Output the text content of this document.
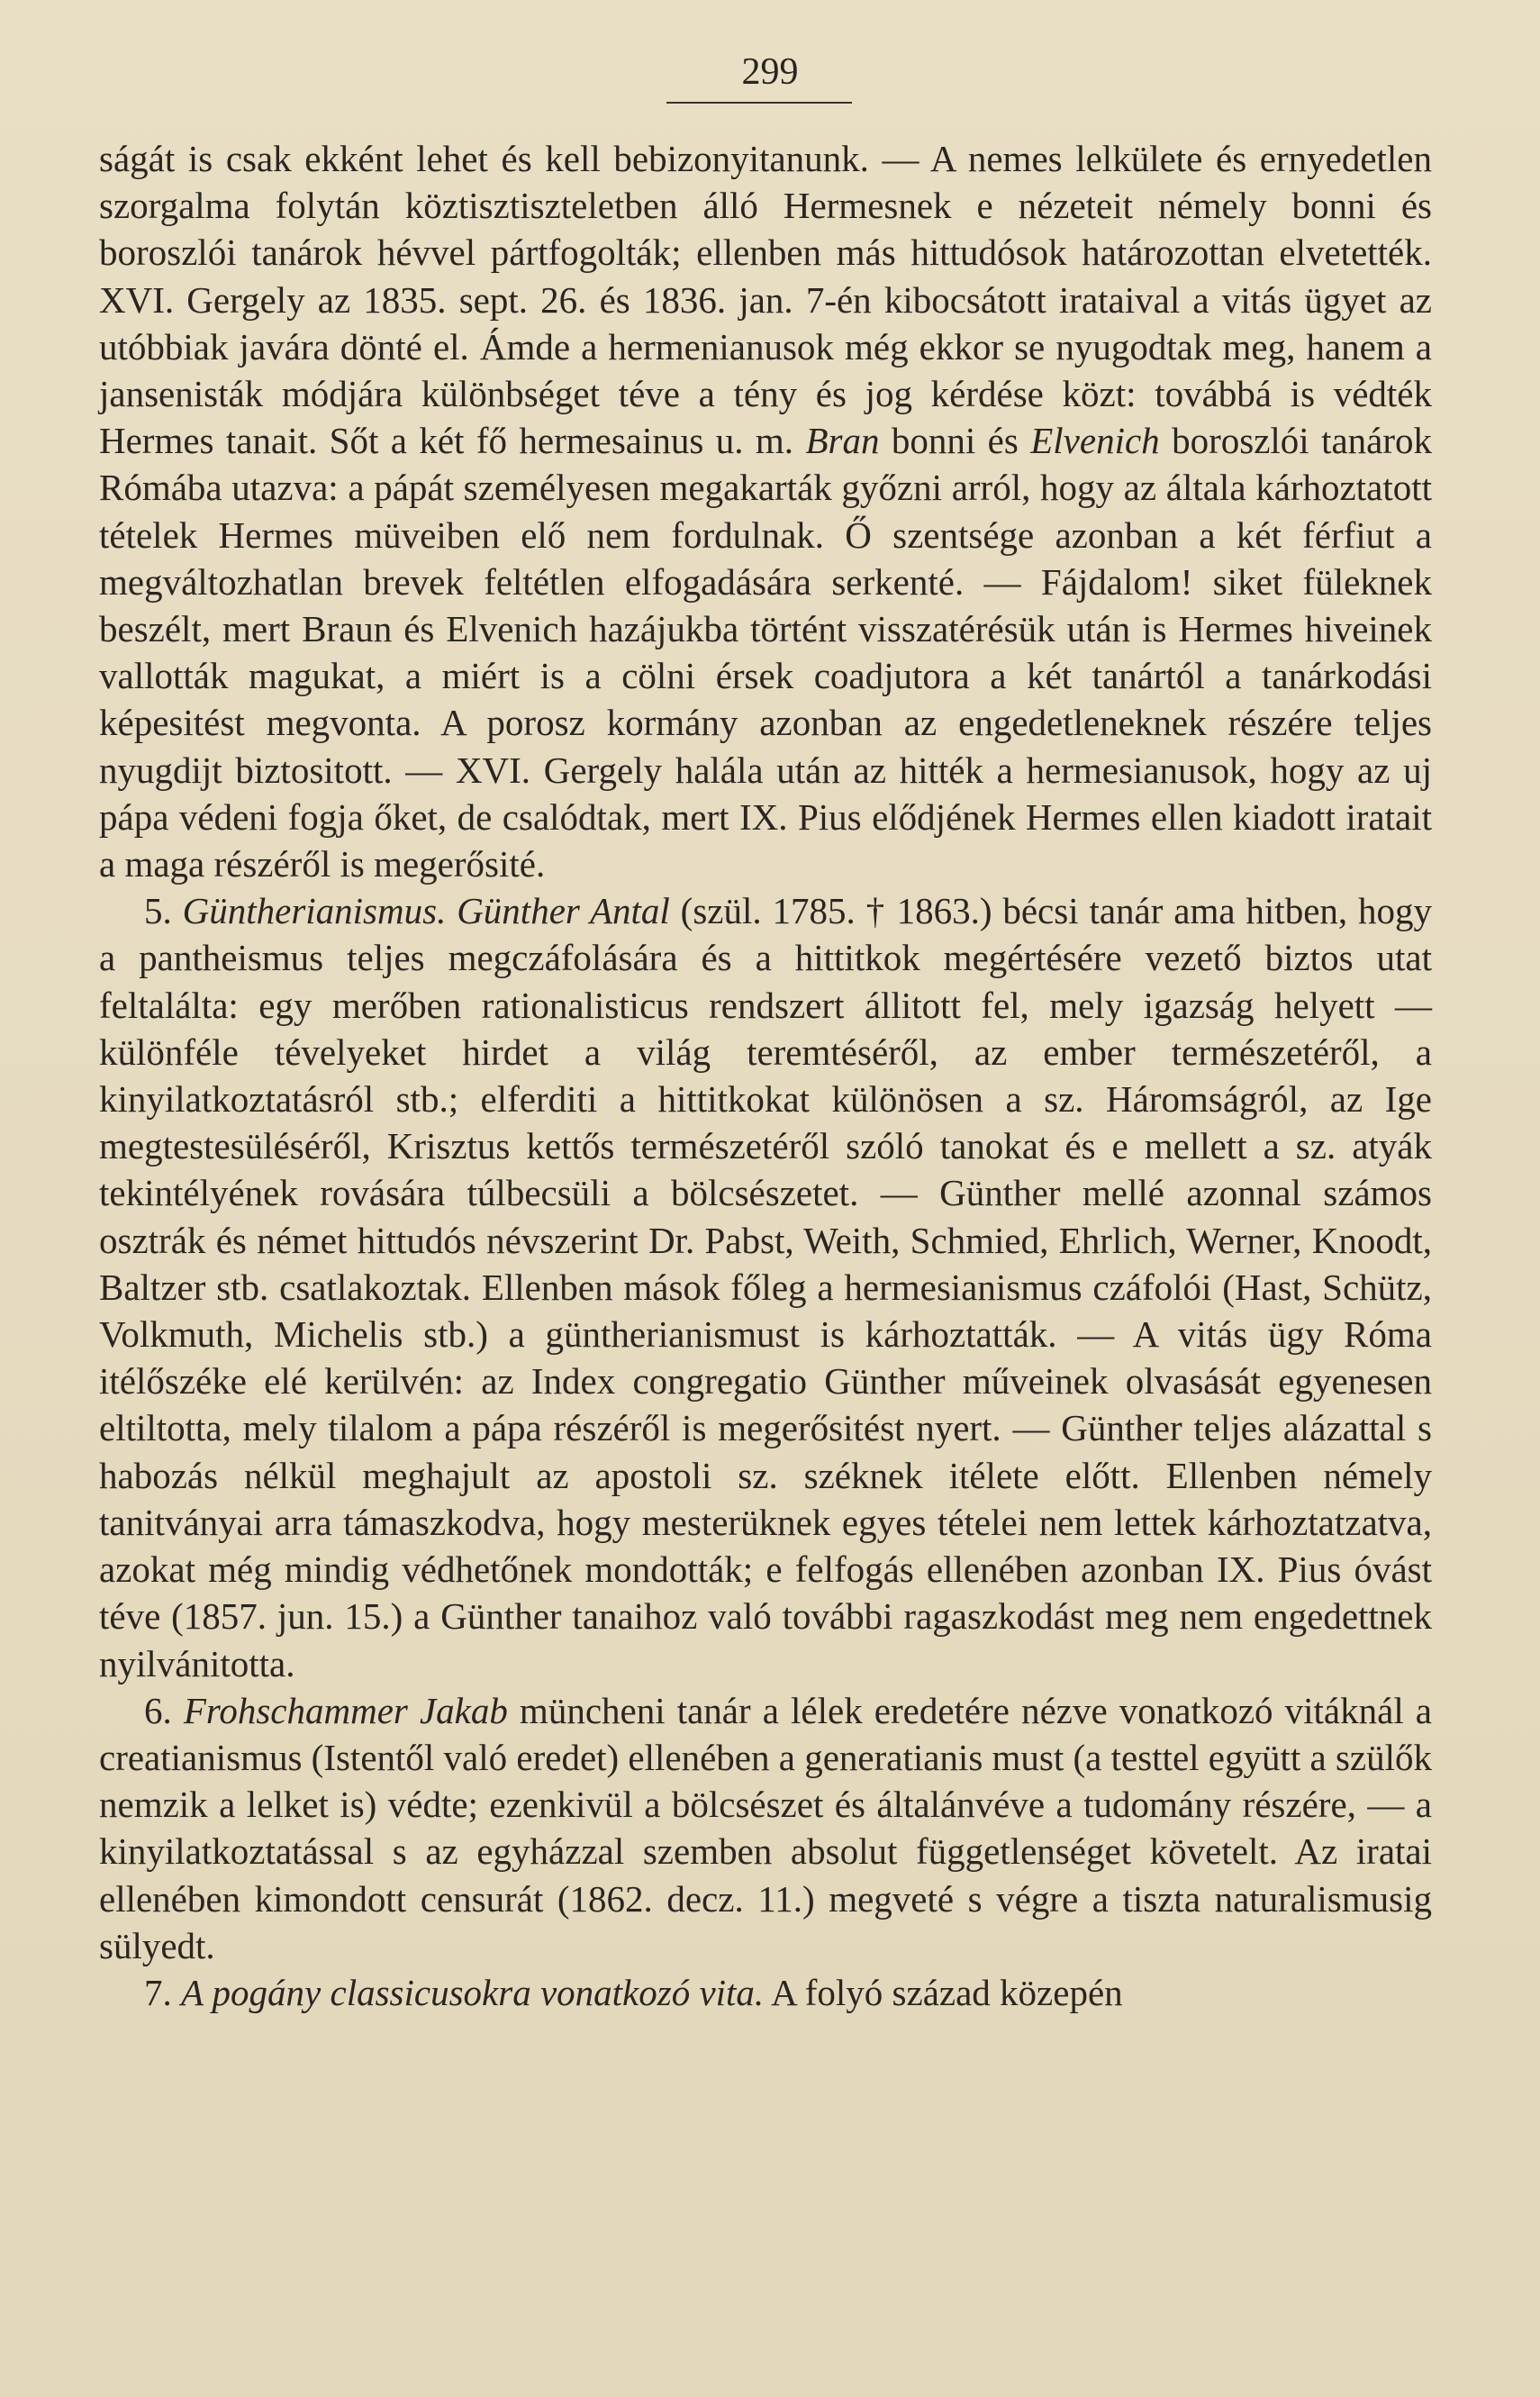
299

ságát is csak ekként lehet és kell bebizonyitanunk. — A nemes lelkülete és ernyedetlen szorgalma folytán köztisztiszteletben álló Hermesnek e nézeteit némely bonni és boroszlói tanárok hévvel pártfogolták; ellenben más hittudósok határozottan elvetették. XVI. Gergely az 1835. sept. 26. és 1836. jan. 7-én kibocsátott irataival a vitás ügyet az utóbbiak javára dönté el. Ámde a hermenianusok még ekkor se nyugodtak meg, hanem a jansenisták módjára különbséget téve a tény és jog kérdése közt: továbbá is védték Hermes tanait. Sőt a két fő hermesainus u. m. Bran bonni és Elvenich boroszlói tanárok Rómába utazva: a pápát személyesen megakarták győzni arról, hogy az általa kárhoztatott tételek Hermes müveiben elő nem fordulnak. Ő szentsége azonban a két férfiut a megváltozhatlan brevek feltétlen elfogadására serkenté. — Fájdalom! siket füleknek beszélt, mert Braun és Elvenich hazájukba történt visszatérésük után is Hermes hiveinek vallották magukat, a miért is a cölni érsek coadjutora a két tanártól a tanárkodási képesitést megvonta. A porosz kormány azonban az engedetleneknek részére teljes nyugdijt biztositott. — XVI. Gergely halála után az hitték a hermesianusok, hogy az uj pápa védeni fogja őket, de csalódtak, mert IX. Pius elődjének Hermes ellen kiadott iratait a maga részéről is megerősité.

5. Güntherianismus. Günther Antal (szül. 1785. † 1863.) bécsi tanár ama hitben, hogy a pantheismus teljes megczáfolására és a hittitkok megértésére vezető biztos utat feltalálta: egy merőben rationalisticus rendszert állitott fel, mely igazság helyett — különféle tévelyeket hirdet a világ teremtéséről, az ember természetéről, a kinyilatkoztatásról stb.; elferditi a hittitkokat különösen a sz. Háromságról, az Ige megtestesüléséről, Krisztus kettős természetéről szóló tanokat és e mellett a sz. atyák tekintélyének rovására túlbecsüli a bölcsészetet. — Günther mellé azonnal számos osztrák és német hittudós névszerint Dr. Pabst, Weith, Schmied, Ehrlich, Werner, Knoodt, Baltzer stb. csatlakoztak. Ellenben mások főleg a hermesianismus czáfolói (Hast, Schütz, Volkmuth, Michelis stb.) a güntherianismust is kárhoztatták. — A vitás ügy Róma itélőszéke elé kerülvén: az Index congregatio Günther műveinek olvasását egyenesen eltiltotta, mely tilalom a pápa részéről is megerősitést nyert. — Günther teljes alázattal s habozás nélkül meghajult az apostoli sz. széknek itélete előtt. Ellenben némely tanitványai arra támaszkodva, hogy mesterüknek egyes tételei nem lettek kárhoztatzatva, azokat még mindig védhetőnek mondották; e felfogás ellenében azonban IX. Pius óvást téve (1857. jun. 15.) a Günther tanaihoz való további ragaszkodást meg nem engedettnek nyilvánitotta.

6. Frohschammer Jakab müncheni tanár a lélek eredetére nézve vonatkozó vitáknál a creatianismus (Istentől való eredet) ellenében a generatianis must (a testtel együtt a szülők nemzik a lelket is) védte; ezenkivül a bölcsészet és általánvéve a tudomány részére, — a kinyilatkoztatással s az egyházzal szemben absolut függetlenséget követelt. Az iratai ellenében kimondott censurát (1862. decz. 11.) megveté s végre a tiszta naturalismusig sülyedt.

7. A pogány classicusokra vonatkozó vita. A folyó század közepén
